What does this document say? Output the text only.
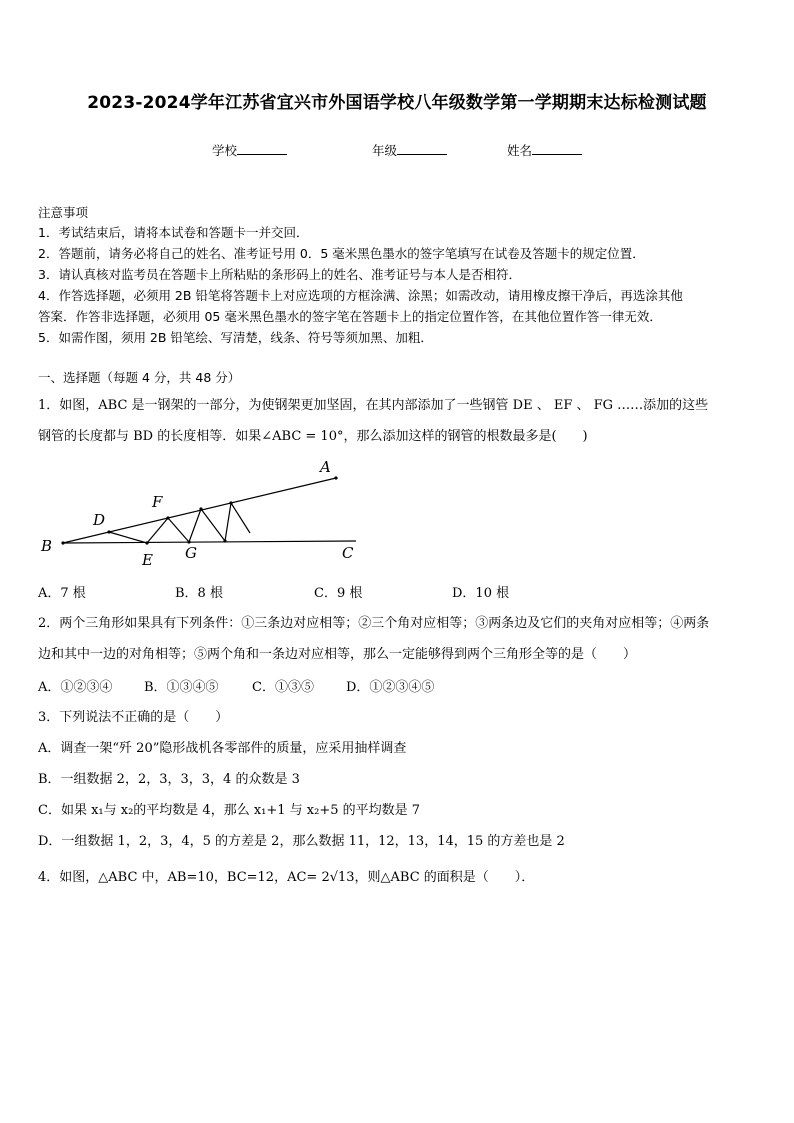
2023-2024学年江苏省宜兴市外国语学校八年级数学第一学期期末达标检测试题
学校	年级	姓名
注意事项

1．考试结束后，请将本试卷和答题卡一并交回．

2．答题前，请务必将自己的姓名、准考证号用 0．5 毫米黑色墨水的签字笔填写在试卷及答题卡的规定位置．

3．请认真核对监考员在答题卡上所粘贴的条形码上的姓名、准考证号与本人是否相符．

4．作答选择题，必须用 2B 铅笔将答题卡上对应选项的方框涂满、涂黑；如需改动，请用橡皮擦干净后，再选涂其他

答案．作答非选择题，必须用 05 毫米黑色墨水的签字笔在答题卡上的指定位置作答，在其他位置作答一律无效．

5．如需作图，须用 2B 铅笔绘、写清楚，线条、符号等须加黑、加粗．

一、选择题（每题 4 分，共 48 分）

1．如图，ABC 是一钢架的一部分，为使钢架更加坚固，在其内部添加了一些钢管 DE 、 EF 、 FG ……添加的这些

钢管的长度都与 BD 的长度相等．如果∠ABC = 10°，那么添加这样的钢管的根数最多是(　　)

A
B	C
D
E
F
G
A．7 根	B．8 根	C．9 根	D．10 根

2．两个三角形如果具有下列条件：①三条边对应相等；②三个角对应相等；③两条边及它们的夹角对应相等；④两条

边和其中一边的对角相等；⑤两个角和一条边对应相等，那么一定能够得到两个三角形全等的是（　　）

A．①②③④ B．①③④⑤	C．①③⑤ D．①②③④⑤
3．下列说法不正确的是（　　）
A．调查一架“歼 20”隐形战机各零部件的质量，应采用抽样调查
B．一组数据 2，2，3，3，3，4 的众数是 3
C．如果 x₁与 x₂的平均数是 4，那么 x₁+1 与 x₂+5 的平均数是 7
D．一组数据 1，2，3，4，5 的方差是 2，那么数据 11，12，13，14，15 的方差也是 2
4．如图，△ABC 中，AB=10，BC=12，AC= 2√13，则△ABC 的面积是（　　）．
